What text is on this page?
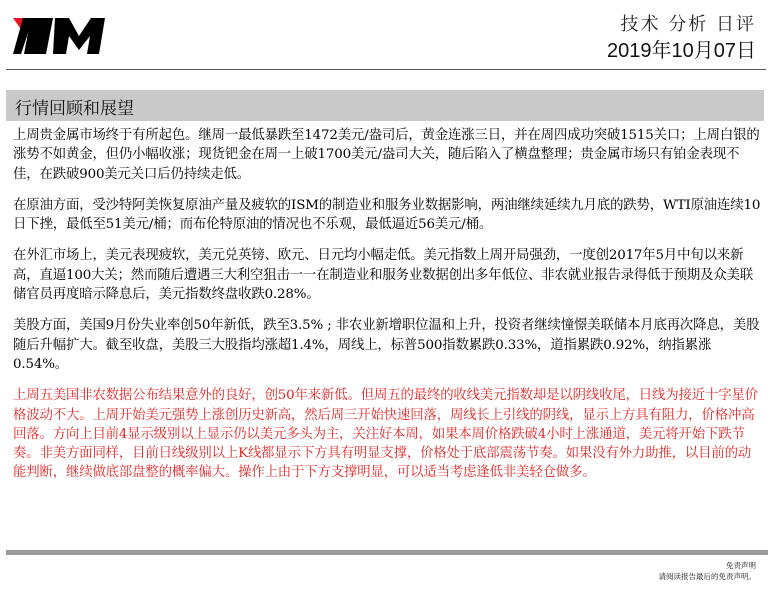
技术 分析 日评
2019年10月07日
行情回顾和展望

上周贵金属市场终于有所起色。继周一最低暴跌至1472美元/盎司后，黄金连涨三日，并在周四成功突破1515关口；上周白银的涨势不如黄金，但仍小幅收涨；现货钯金在周一上破1700美元/盎司大关，随后陷入了横盘整理；贵金属市场只有铂金表现不佳，在跌破900美元关口后仍持续走低。

在原油方面，受沙特阿美恢复原油产量及疲软的ISM的制造业和服务业数据影响，两油继续延续九月底的跌势，WTI原油连续10日下挫，最低至51美元/桶；而布伦特原油的情况也不乐观，最低逼近56美元/桶。

在外汇市场上，美元表现疲软，美元兑英镑、欧元、日元均小幅走低。美元指数上周开局强劲，一度创2017年5月中旬以来新高，直逼100大关；然而随后遭遇三大利空狙击一一在制造业和服务业数据创出多年低位、非农就业报告录得低于预期及众美联储官员再度暗示降息后，美元指数终盘收跌0.28%。

美股方面，美国9月份失业率创50年新低，跌至3.5% ; 非农业新增职位温和上升，投资者继续憧憬美联储本月底再次降息，美股随后升幅扩大。截至收盘，美股三大股指均涨超1.4%，周线上，标普500指数累跌0.33%，道指累跌0.92%，纳指累涨0.54%。

上周五美国非农数据公布结果意外的良好，创50年来新低。但周五的最终的收线美元指数却是以阴线收尾，日线为接近十字星价格波动不大。上周开始美元强势上涨创历史新高，然后周三开始快速回落，周线长上引线的阴线，显示上方具有阻力，价格冲高回落。方向上目前4显示级别以上显示仍以美元多头为主，关注好本周，如果本周价格跌破4小时上涨通道，美元将开始下跌节奏。非美方面同样，目前日线级别以上K线都显示下方具有明显支撑，价格处于底部震荡节奏。如果没有外力助推，以目前的动能判断，继续做底部盘整的概率偏大。操作上由于下方支撑明显，可以适当考虑逢低非美轻仓做多。

免责声明
请阅读报告最后的免责声明。
